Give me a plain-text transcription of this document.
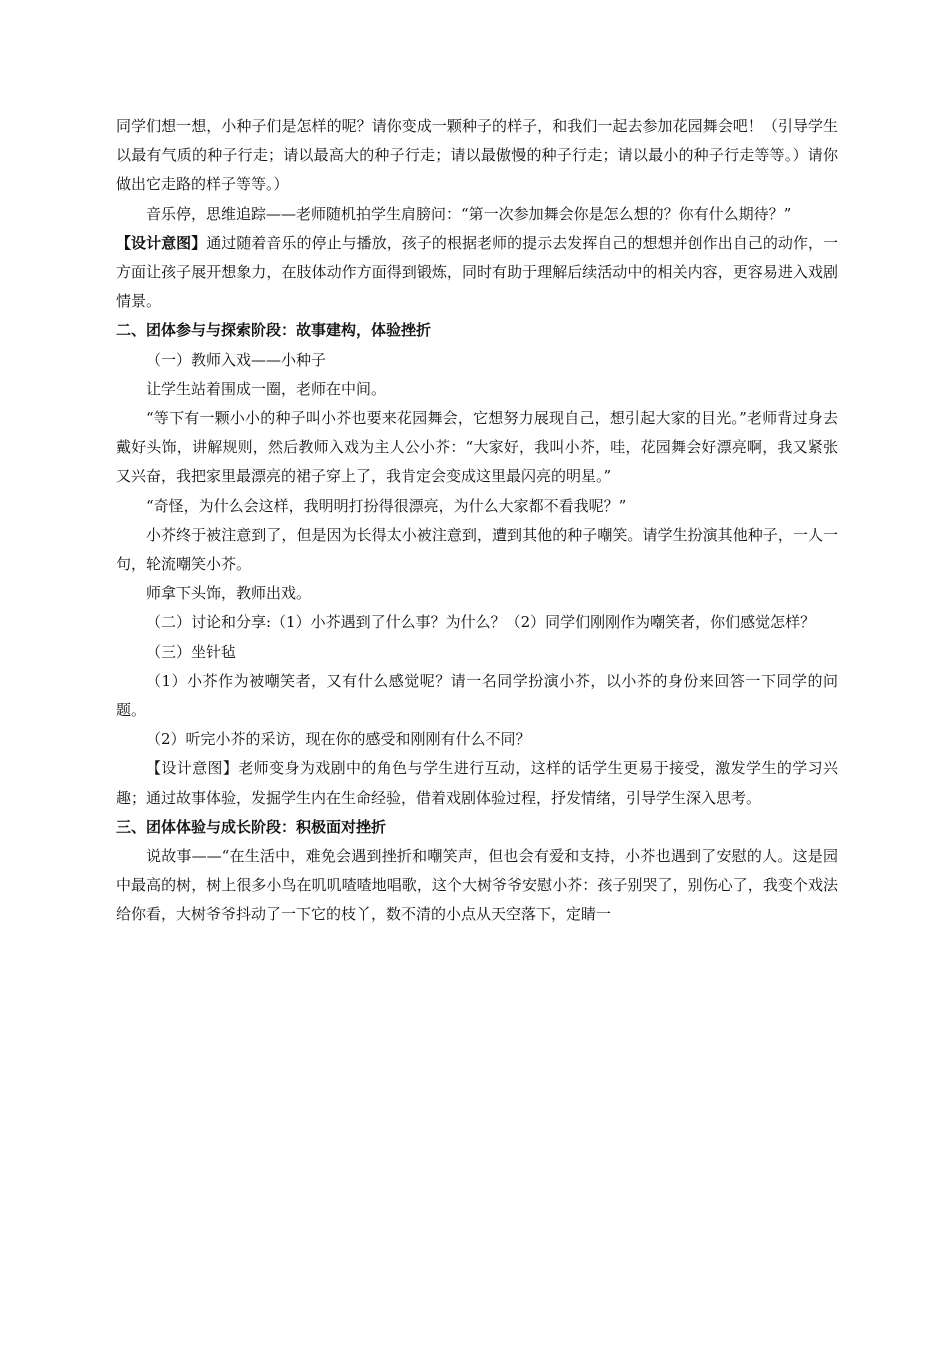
同学们想一想，小种子们是怎样的呢？请你变成一颗种子的样子，和我们一起去参加花园舞会吧！（引导学生以最有气质的种子行走；请以最高大的种子行走；请以最傲慢的种子行走；请以最小的种子行走等等。）请你做出它走路的样子等等。）

音乐停，思维追踪——老师随机拍学生肩膀问：“第一次参加舞会你是怎么想的？你有什么期待？”

【设计意图】通过随着音乐的停止与播放，孩子的根据老师的提示去发挥自己的想想并创作出自己的动作，一方面让孩子展开想象力，在肢体动作方面得到锻炼，同时有助于理解后续活动中的相关内容，更容易进入戏剧情景。

二、团体参与与探索阶段：故事建构，体验挫折

（一）教师入戏——小种子

让学生站着围成一圈，老师在中间。

“等下有一颗小小的种子叫小芥也要来花园舞会，它想努力展现自己，想引起大家的目光。”老师背过身去戴好头饰，讲解规则，然后教师入戏为主人公小芥：“大家好，我叫小芥，哇，花园舞会好漂亮啊，我又紧张又兴奋，我把家里最漂亮的裙子穿上了，我肯定会变成这里最闪亮的明星。”

“奇怪，为什么会这样，我明明打扮得很漂亮，为什么大家都不看我呢？”

小芥终于被注意到了，但是因为长得太小被注意到，遭到其他的种子嘲笑。请学生扮演其他种子，一人一句，轮流嘲笑小芥。

师拿下头饰，教师出戏。

（二）讨论和分享:（1）小芥遇到了什么事？为什么？（2）同学们刚刚作为嘲笑者，你们感觉怎样？

（三）坐针毡

（1）小芥作为被嘲笑者，又有什么感觉呢？请一名同学扮演小芥，以小芥的身份来回答一下同学的问题。

（2）听完小芥的采访，现在你的感受和刚刚有什么不同？

【设计意图】老师变身为戏剧中的角色与学生进行互动，这样的话学生更易于接受，激发学生的学习兴趣；通过故事体验，发掘学生内在生命经验，借着戏剧体验过程，抒发情绪，引导学生深入思考。

三、团体体验与成长阶段：积极面对挫折

说故事——“在生活中，难免会遇到挫折和嘲笑声，但也会有爱和支持，小芥也遇到了安慰的人。这是园中最高的树，树上很多小鸟在叽叽喳喳地唱歌，这个大树爷爷安慰小芥：孩子别哭了，别伤心了，我变个戏法给你看，大树爷爷抖动了一下它的枝丫，数不清的小点从天空落下，定睛一
